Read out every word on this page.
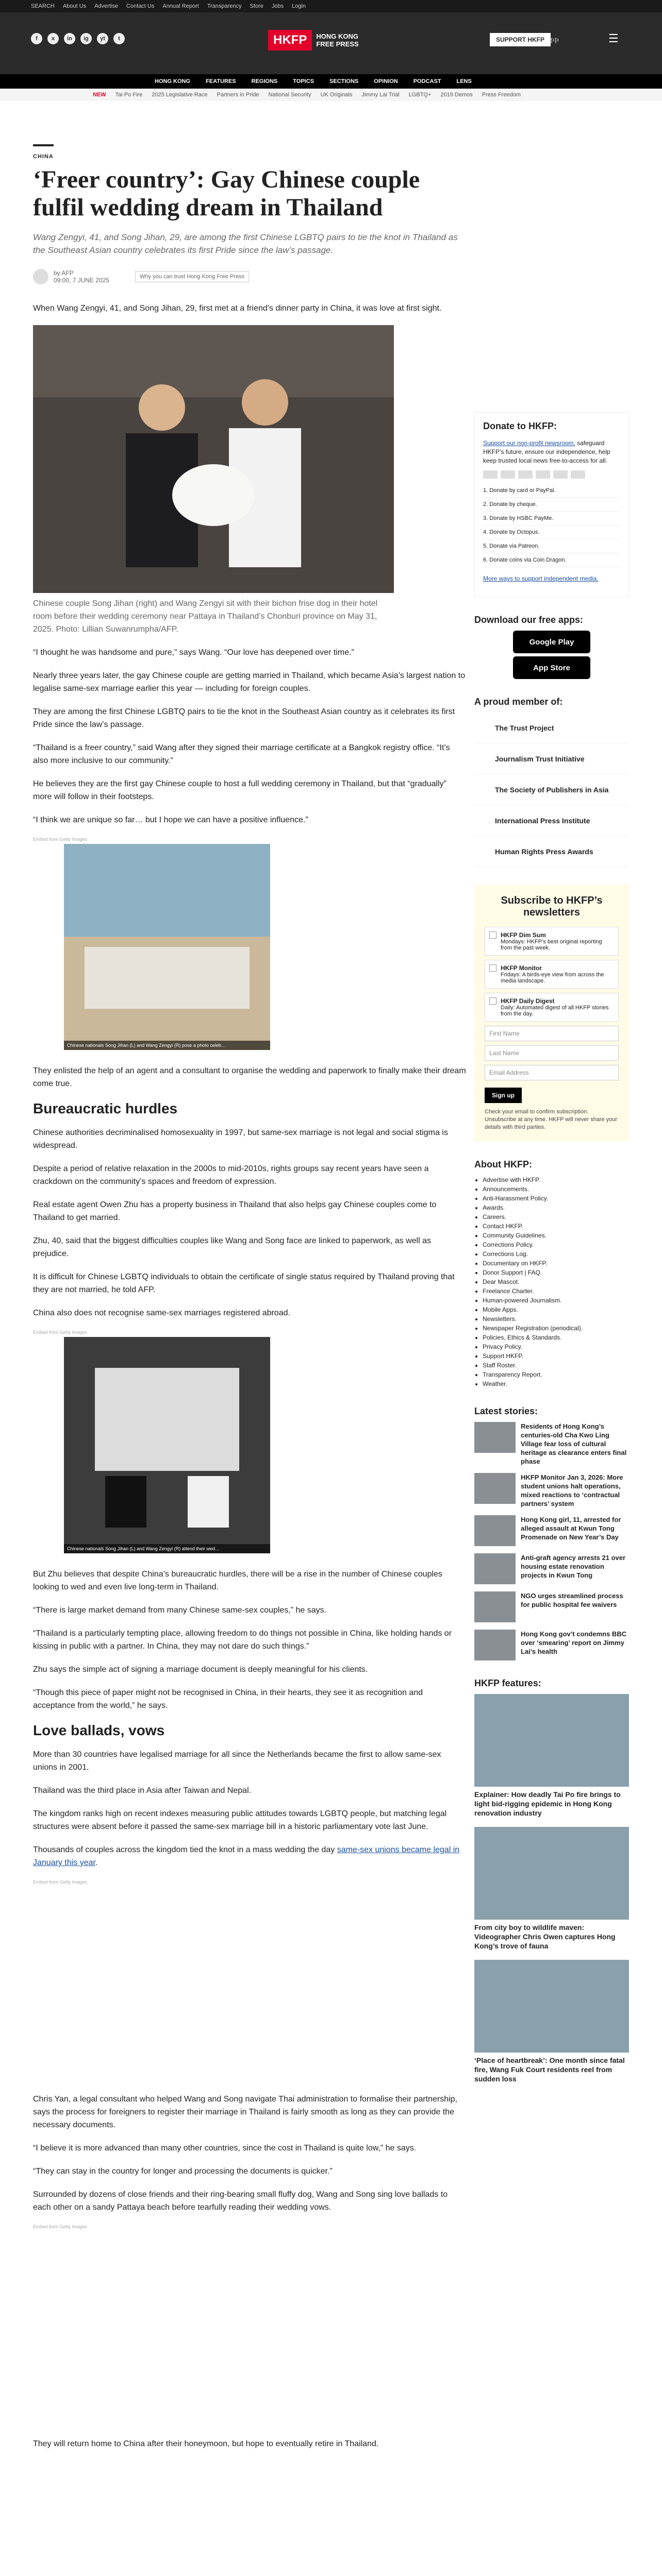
SEARCH About Us Advertise Contact Us Annual Report Transparency Store Jobs Login
f	x	in	ig	yt	t	HKFP	HONG KONG
FREE PRESS
SUPPORT HKFP 繁中	☰
HONG KONG	FEATURES	REGIONS	TOPICS	SECTIONS	OPINION	PODCAST	LENS
NEW Tai Po Fire 2025 Legislative Race Partners in Pride National Security UK Originals Jimmy Lai Trial LGBTQ+ 2019 Demos Press Freedom
CHINA
‘Freer country’: Gay Chinese couple fulfil wedding dream in Thailand

Wang Zengyi, 41, and Song Jihan, 29, are among the first Chinese LGBTQ pairs to tie the knot in Thailand as the Southeast Asian country celebrates its first Pride since the law’s passage.

by AFP
09:00, 7 JUNE 2025	Why you can trust Hong Kong Free Press

When Wang Zengyi, 41, and Song Jihan, 29, first met at a friend’s dinner party in China, it was love at first sight.

Chinese couple Song Jihan (right) and Wang Zengyi sit with their bichon frise dog in their hotel room before their wedding ceremony near Pattaya in Thailand’s Chonburi province on May 31, 2025. Photo: Lillian Suwanrumpha/AFP.

“I thought he was handsome and pure,” says Wang. “Our love has deepened over time.”

Nearly three years later, the gay Chinese couple are getting married in Thailand, which became Asia’s largest nation to legalise same-sex marriage earlier this year — including for foreign couples.

They are among the first Chinese LGBTQ pairs to tie the knot in the Southeast Asian country as it celebrates its first Pride since the law’s passage.

“Thailand is a freer country,” said Wang after they signed their marriage certificate at a Bangkok registry office. “It’s also more inclusive to our community.”

He believes they are the first gay Chinese couple to host a full wedding ceremony in Thailand, but that “gradually” more will follow in their footsteps.

“I think we are unique so far… but I hope we can have a positive influence.”

Embed from Getty Images
Chinese nationals Song Jihan (L) and Wang Zengyi (R) pose a photo celeb…

They enlisted the help of an agent and a consultant to organise the wedding and paperwork to finally make their dream come true.

Bureaucratic hurdles

Chinese authorities decriminalised homosexuality in 1997, but same-sex marriage is not legal and social stigma is widespread.

Despite a period of relative relaxation in the 2000s to mid-2010s, rights groups say recent years have seen a crackdown on the community’s spaces and freedom of expression.

Real estate agent Owen Zhu has a property business in Thailand that also helps gay Chinese couples come to Thailand to get married.

Zhu, 40, said that the biggest difficulties couples like Wang and Song face are linked to paperwork, as well as prejudice.

It is difficult for Chinese LGBTQ individuals to obtain the certificate of single status required by Thailand proving that they are not married, he told AFP.

China also does not recognise same-sex marriages registered abroad.

Embed from Getty Images
Chinese nationals Song Jihan (L) and Wang Zengyi (R) attend their wed…

But Zhu believes that despite China’s bureaucratic hurdles, there will be a rise in the number of Chinese couples looking to wed and even live long-term in Thailand.

“There is large market demand from many Chinese same-sex couples,” he says.

“Thailand is a particularly tempting place, allowing freedom to do things not possible in China, like holding hands or kissing in public with a partner. In China, they may not dare do such things.”

Zhu says the simple act of signing a marriage document is deeply meaningful for his clients.

“Though this piece of paper might not be recognised in China, in their hearts, they see it as recognition and acceptance from the world,” he says.

Love ballads, vows

More than 30 countries have legalised marriage for all since the Netherlands became the first to allow same-sex unions in 2001.

Thailand was the third place in Asia after Taiwan and Nepal.

The kingdom ranks high on recent indexes measuring public attitudes towards LGBTQ people, but matching legal structures were absent before it passed the same-sex marriage bill in a historic parliamentary vote last June.

Thousands of couples across the kingdom tied the knot in a mass wedding the day same-sex unions became legal in January this year.

Embed from Getty Images

Chris Yan, a legal consultant who helped Wang and Song navigate Thai administration to formalise their partnership, says the process for foreigners to register their marriage in Thailand is fairly smooth as long as they can provide the necessary documents.

“I believe it is more advanced than many other countries, since the cost in Thailand is quite low,” he says.

“They can stay in the country for longer and processing the documents is quicker.”

Surrounded by dozens of close friends and their ring-bearing small fluffy dog, Wang and Song sing love ballads to each other on a sandy Pattaya beach before tearfully reading their wedding vows.

Embed from Getty Images

They will return home to China after their honeymoon, but hope to eventually retire in Thailand.

Donate to HKFP:

Support our non-profit newsroom: safeguard HKFP’s future, ensure our independence, help keep trusted local news free-to-access for all.

1. Donate by card or PayPal.
2. Donate by cheque.
3. Donate by HSBC PayMe.
4. Donate by Octopus.
5. Donate via Patreon.
6. Donate coins via Coin Dragon.

More ways to support independent media.

Download our free apps:
Google Play
App Store
A proud member of:
The Trust Project
Journalism Trust Initiative
The Society of Publishers in Asia
International Press Institute
Human Rights Press Awards
Subscribe to HKFP’s newsletters
HKFP Dim Sum
Mondays: HKFP’s best original reporting from the past week.
HKFP Monitor
Fridays: A birds-eye view from across the media landscape.
HKFP Daily Digest
Daily: Automated digest of all HKFP stories from the day.
First Name
Last Name
Email Address
Sign up

Check your email to confirm subscription. Unsubscribe at any time. HKFP will never share your details with third parties.

About HKFP:
• Advertise with HKFP.
• Announcements.
• Anti-Harassment Policy.
• Awards.
• Careers.
• Contact HKFP.
• Community Guidelines.
• Corrections Policy.
• Corrections Log.
• Documentary on HKFP.
• Donor Support | FAQ.
• Dear Mascot.
• Freelance Charter.
• Human-powered Journalism.
• Mobile Apps.
• Newsletters.
• Newspaper Registration (periodical).
• Policies, Ethics & Standards.
• Privacy Policy.
• Support HKFP.
• Staff Roster.
• Transparency Report.
• Weather.
Latest stories:
Residents of Hong Kong’s centuries-old Cha Kwo Ling Village fear loss of cultural heritage as clearance enters final phase
HKFP Monitor Jan 3, 2026: More student unions halt operations, mixed reactions to ‘contractual partners’ system
Hong Kong girl, 11, arrested for alleged assault at Kwun Tong Promenade on New Year’s Day
Anti-graft agency arrests 21 over housing estate renovation projects in Kwun Tong
NGO urges streamlined process for public hospital fee waivers
Hong Kong gov’t condemns BBC over ‘smearing’ report on Jimmy Lai’s health
HKFP features:
Explainer: How deadly Tai Po fire brings to light bid-rigging epidemic in Hong Kong renovation industry
From city boy to wildlife maven: Videographer Chris Owen captures Hong Kong’s trove of fauna
‘Place of heartbreak’: One month since fatal fire, Wang Fuk Court residents reel from sudden loss
